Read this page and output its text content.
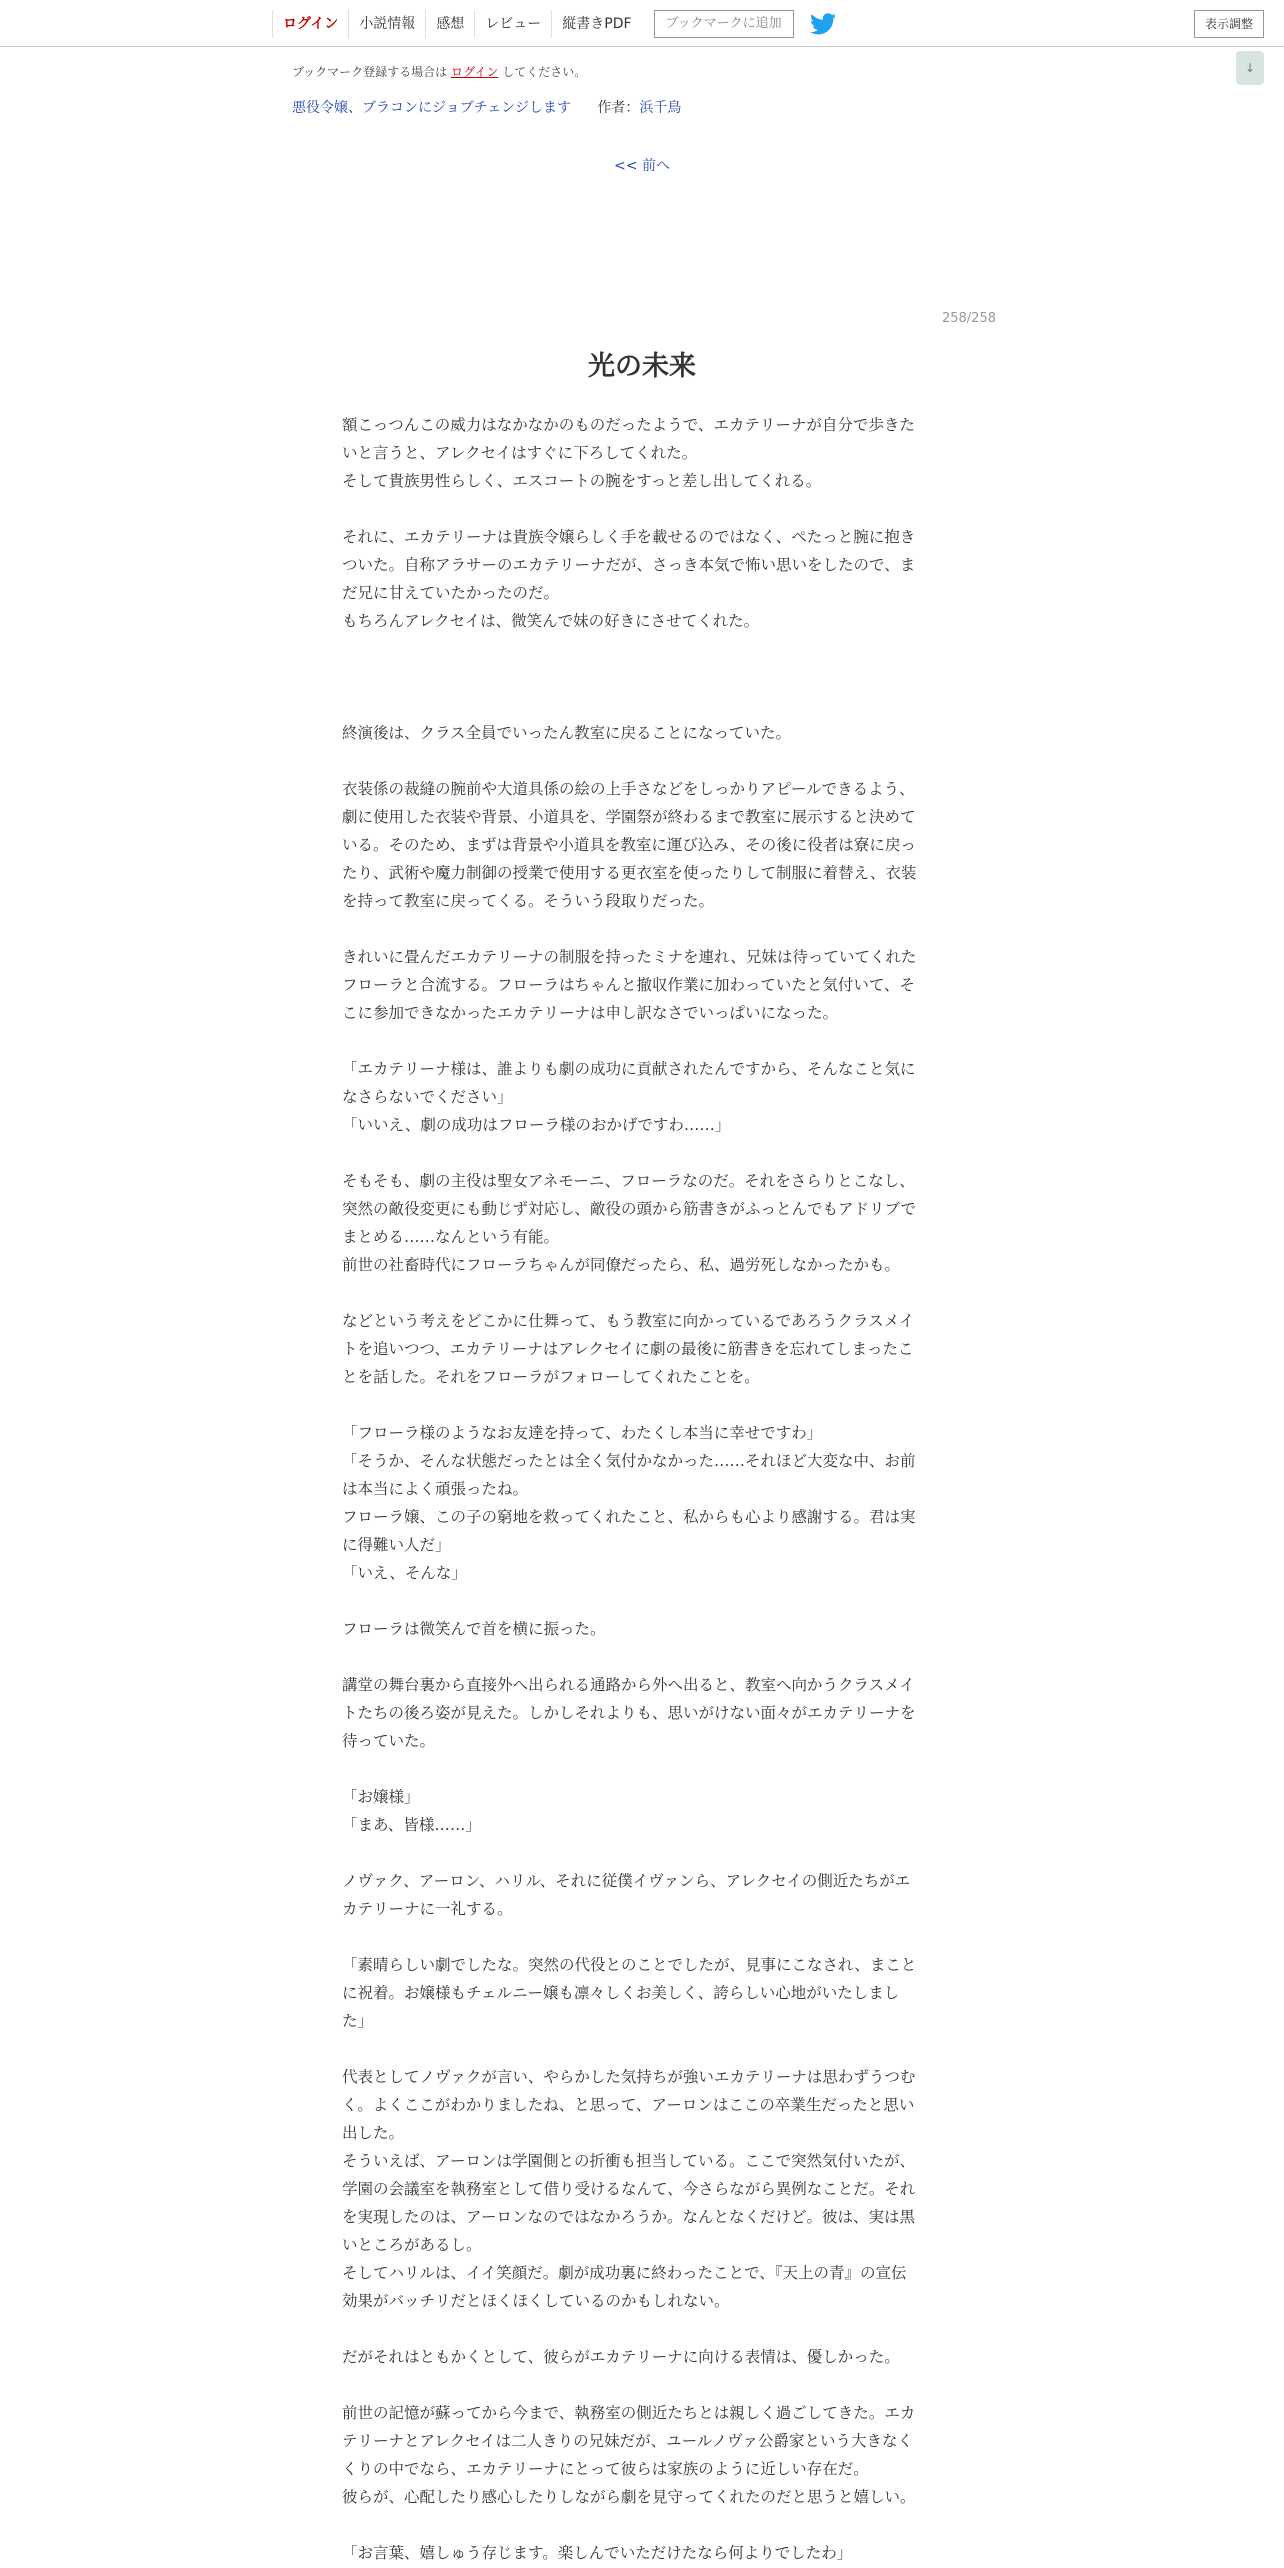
ログイン	小説情報	感想	レビュー	縦書きPDF	ブックマークに追加	表示調整
↓
ブックマーク登録する場合は ログイン してください。
悪役令嬢、ブラコンにジョブチェンジします 作者：浜千鳥
<< 前へ
258/258
光の未来

額こっつんこの威力はなかなかのものだったようで、エカテリーナが自分で歩きた

いと言うと、アレクセイはすぐに下ろしてくれた。

そして貴族男性らしく、エスコートの腕をすっと差し出してくれる。

それに、エカテリーナは貴族令嬢らしく手を載せるのではなく、ぺたっと腕に抱き

ついた。自称アラサーのエカテリーナだが、さっき本気で怖い思いをしたので、ま

だ兄に甘えていたかったのだ。

もちろんアレクセイは、微笑んで妹の好きにさせてくれた。

終演後は、クラス全員でいったん教室に戻ることになっていた。

衣装係の裁縫の腕前や大道具係の絵の上手さなどをしっかりアピールできるよう、

劇に使用した衣装や背景、小道具を、学園祭が終わるまで教室に展示すると決めて

いる。そのため、まずは背景や小道具を教室に運び込み、その後に役者は寮に戻っ

たり、武術や魔力制御の授業で使用する更衣室を使ったりして制服に着替え、衣装

を持って教室に戻ってくる。そういう段取りだった。

きれいに畳んだエカテリーナの制服を持ったミナを連れ、兄妹は待っていてくれた

フローラと合流する。フローラはちゃんと撤収作業に加わっていたと気付いて、そ

こに参加できなかったエカテリーナは申し訳なさでいっぱいになった。

「エカテリーナ様は、誰よりも劇の成功に貢献されたんですから、そんなこと気に

なさらないでください」

「いいえ、劇の成功はフローラ様のおかげですわ……」

そもそも、劇の主役は聖女アネモーニ、フローラなのだ。それをさらりとこなし、

突然の敵役変更にも動じず対応し、敵役の頭から筋書きがふっとんでもアドリブで

まとめる……なんという有能。

前世の社畜時代にフローラちゃんが同僚だったら、私、過労死しなかったかも。

などという考えをどこかに仕舞って、もう教室に向かっているであろうクラスメイ

トを追いつつ、エカテリーナはアレクセイに劇の最後に筋書きを忘れてしまったこ

とを話した。それをフローラがフォローしてくれたことを。

「フローラ様のようなお友達を持って、わたくし本当に幸せですわ」

「そうか、そんな状態だったとは全く気付かなかった……それほど大変な中、お前

は本当によく頑張ったね。

フローラ嬢、この子の窮地を救ってくれたこと、私からも心より感謝する。君は実

に得難い人だ」

「いえ、そんな」

フローラは微笑んで首を横に振った。

講堂の舞台裏から直接外へ出られる通路から外へ出ると、教室へ向かうクラスメイ

トたちの後ろ姿が見えた。しかしそれよりも、思いがけない面々がエカテリーナを

待っていた。

「お嬢様」

「まあ、皆様……」

ノヴァク、アーロン、ハリル、それに従僕イヴァンら、アレクセイの側近たちがエ

カテリーナに一礼する。

「素晴らしい劇でしたな。突然の代役とのことでしたが、見事にこなされ、まこと

に祝着。お嬢様もチェルニー嬢も凛々しくお美しく、誇らしい心地がいたしまし

た」

代表としてノヴァクが言い、やらかした気持ちが強いエカテリーナは思わずうつむ

く。よくここがわかりましたね、と思って、アーロンはここの卒業生だったと思い

出した。

そういえば、アーロンは学園側との折衝も担当している。ここで突然気付いたが、

学園の会議室を執務室として借り受けるなんて、今さらながら異例なことだ。それ

を実現したのは、アーロンなのではなかろうか。なんとなくだけど。彼は、実は黒

いところがあるし。

そしてハリルは、イイ笑顔だ。劇が成功裏に終わったことで、『天上の青』の宣伝

効果がバッチリだとほくほくしているのかもしれない。

だがそれはともかくとして、彼らがエカテリーナに向ける表情は、優しかった。

前世の記憶が蘇ってから今まで、執務室の側近たちとは親しく過ごしてきた。エカ

テリーナとアレクセイは二人きりの兄妹だが、ユールノヴァ公爵家という大きなく

くりの中でなら、エカテリーナにとって彼らは家族のように近しい存在だ。

彼らが、心配したり感心したりしながら劇を見守ってくれたのだと思うと嬉しい。

「お言葉、嬉しゅう存じます。楽しんでいただけたなら何よりでしたわ」
